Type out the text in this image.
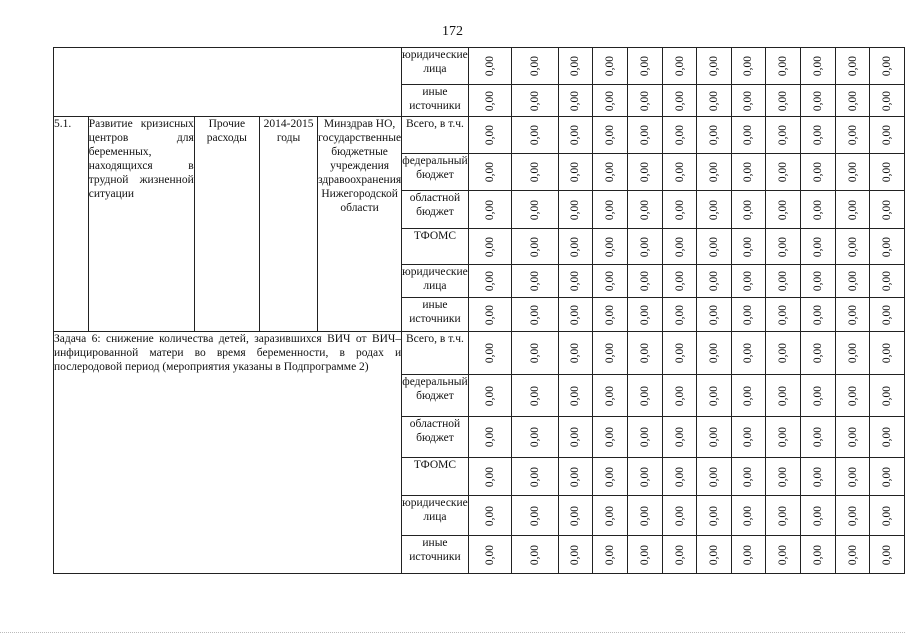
172
					юридические лица	0,00	0,00	0,00	0,00	0,00	0,00	0,00	0,00	0,00	0,00	0,00	0,00

					иные источники	0,00	0,00	0,00	0,00	0,00	0,00	0,00	0,00	0,00	0,00	0,00	0,00

5.1.	Развитие кризисных центров для беременных, находящихся в трудной жизненной ситуации	Прочие расходы	2014-2015 годы	Минздрав НО, государственные бюджетные учреждения здравоохранения Нижегородской области	Всего, в т.ч.	0,00	0,00	0,00	0,00	0,00	0,00	0,00	0,00	0,00	0,00	0,00	0,00

					федеральный бюджет	0,00	0,00	0,00	0,00	0,00	0,00	0,00	0,00	0,00	0,00	0,00	0,00

					областной бюджет	0,00	0,00	0,00	0,00	0,00	0,00	0,00	0,00	0,00	0,00	0,00	0,00

					ТФОМС	0,00	0,00	0,00	0,00	0,00	0,00	0,00	0,00	0,00	0,00	0,00	0,00

					юридические лица	0,00	0,00	0,00	0,00	0,00	0,00	0,00	0,00	0,00	0,00	0,00	0,00

					иные источники	0,00	0,00	0,00	0,00	0,00	0,00	0,00	0,00	0,00	0,00	0,00	0,00

Задача 6: снижение количества детей, заразившихся ВИЧ от ВИЧ–инфицированной матери во время беременности, в родах и послеродовой период (мероприятия указаны в Подпрограмме 2)					Всего, в т.ч.	0,00	0,00	0,00	0,00	0,00	0,00	0,00	0,00	0,00	0,00	0,00	0,00

					федеральный бюджет	0,00	0,00	0,00	0,00	0,00	0,00	0,00	0,00	0,00	0,00	0,00	0,00

					областной бюджет	0,00	0,00	0,00	0,00	0,00	0,00	0,00	0,00	0,00	0,00	0,00	0,00

					ТФОМС	0,00	0,00	0,00	0,00	0,00	0,00	0,00	0,00	0,00	0,00	0,00	0,00

					юридические лица	0,00	0,00	0,00	0,00	0,00	0,00	0,00	0,00	0,00	0,00	0,00	0,00

					иные источники	0,00	0,00	0,00	0,00	0,00	0,00	0,00	0,00	0,00	0,00	0,00	0,00
